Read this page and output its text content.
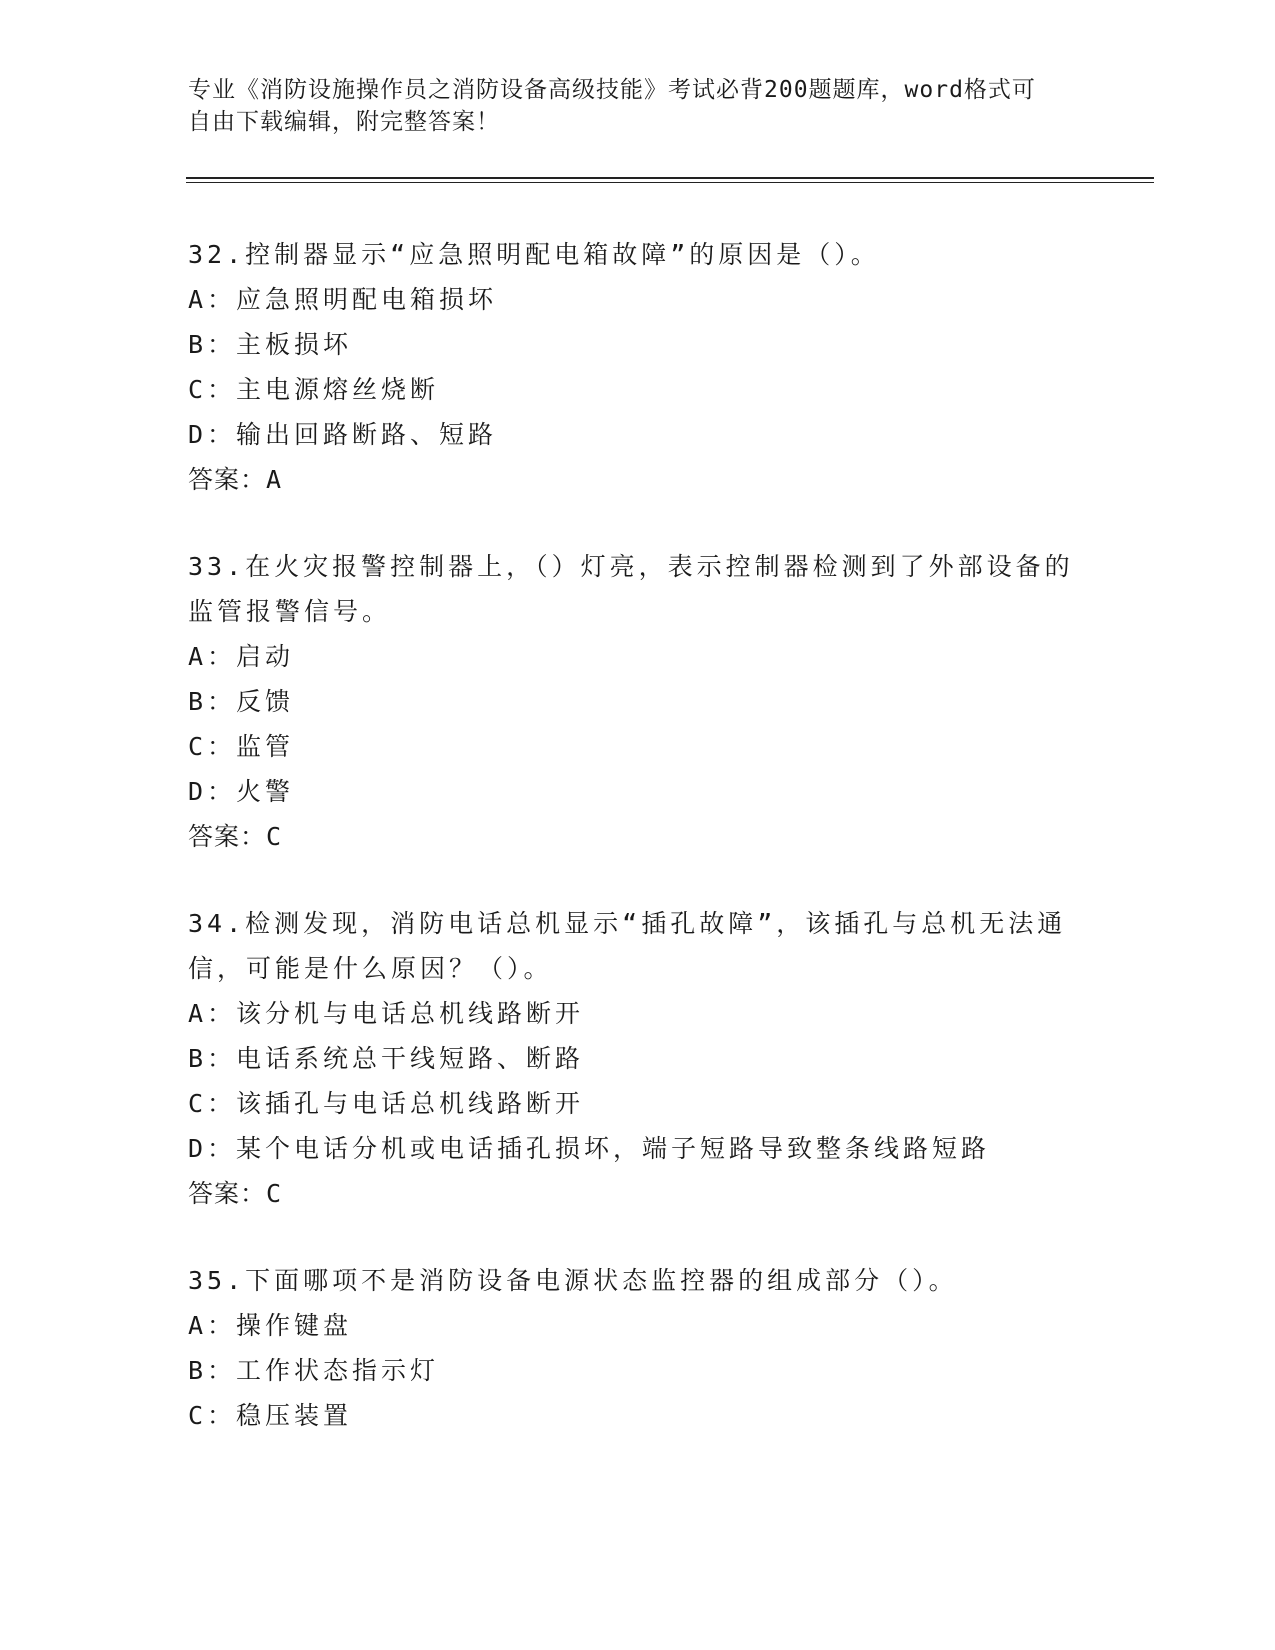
专业《消防设施操作员之消防设备高级技能》考试必背200题题库，word格式可
自由下载编辑，附完整答案！
32.控制器显示“应急照明配电箱故障”的原因是（）。
A：应急照明配电箱损坏
B：主板损坏
C：主电源熔丝烧断
D：输出回路断路、短路
答案：A
33.在火灾报警控制器上，（）灯亮，表示控制器检测到了外部设备的
监管报警信号。
A：启动
B：反馈
C：监管
D：火警
答案：C
34.检测发现，消防电话总机显示“插孔故障”，该插孔与总机无法通
信，可能是什么原因？（）。
A：该分机与电话总机线路断开
B：电话系统总干线短路、断路
C：该插孔与电话总机线路断开
D：某个电话分机或电话插孔损坏，端子短路导致整条线路短路
答案：C
35.下面哪项不是消防设备电源状态监控器的组成部分（）。
A：操作键盘
B：工作状态指示灯
C：稳压装置
